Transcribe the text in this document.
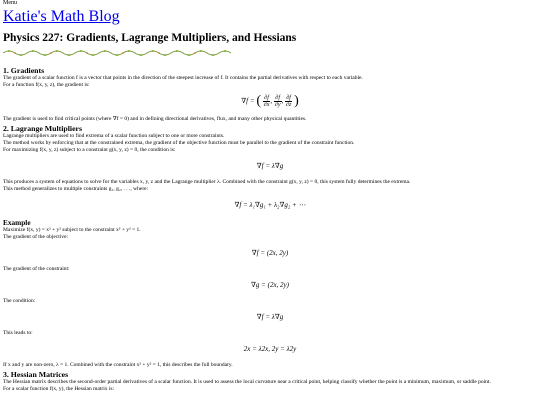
Menu
Katie's Math Blog
Physics 227: Gradients, Lagrange Multipliers, and Hessians
1. Gradients

The gradient of a scalar function f is a vector that points in the direction of the steepest increase of f. It contains the partial derivatives with respect to each variable.

For a function f(x, y, z), the gradient is:

∇f = ( $\frac{\partial f}{\partial x}$ , $\frac{\partial f}{\partial y}$ , $\frac{\partial f}{\partial z}$ )

The gradient is used to find critical points (where ∇f = 0) and in defining directional derivatives, flux, and many other physical quantities.

2. Lagrange Multipliers

Lagrange multipliers are used to find extrema of a scalar function subject to one or more constraints.

The method works by enforcing that at the constrained extrema, the gradient of the objective function must be parallel to the gradient of the constraint function.

For maximizing f(x, y, z) subject to a constraint g(x, y, z) = 0, the condition is:

∇f = λ∇g

This produces a system of equations to solve for the variables x, y, z and the Lagrange multiplier λ. Combined with the constraint g(x, y, z) = 0, this system fully determines the extrema.

This method generalizes to multiple constraints g₁, g₂, . . ., where:

∇f = λ₁∇g₁ + λ₂∇g₂ + ⋯
Example

Maximize f(x, y) = x² + y² subject to the constraint x² + y² = 1.

The gradient of the objective:

∇f = (2x, 2y)

The gradient of the constraint:

∇g = (2x, 2y)

The condition:

∇f = λ∇g

This leads to:

2x = λ2x, 2y = λ2y

If x and y are non-zero, λ = 1. Combined with the constraint x² + y² = 1, this describes the full boundary.

3. Hessian Matrices

The Hessian matrix describes the second-order partial derivatives of a scalar function. It is used to assess the local curvature near a critical point, helping classify whether the point is a minimum, maximum, or saddle point.

For a scalar function f(x, y), the Hessian matrix is:
